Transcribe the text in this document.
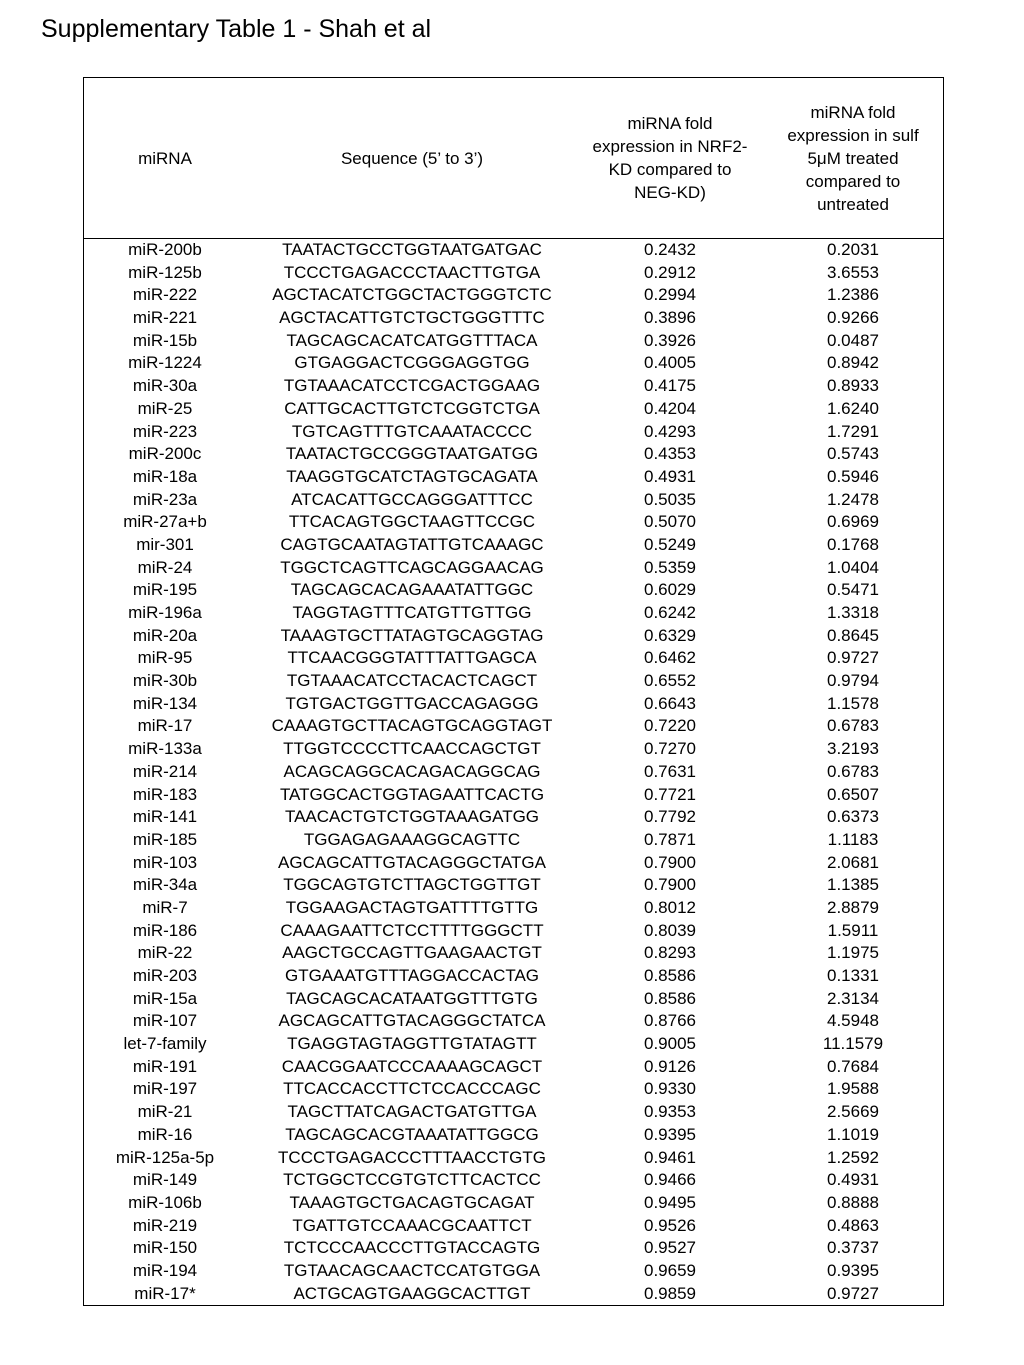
Supplementary Table 1 - Shah et al
miRNA	Sequence (5’ to 3’)
miRNA fold
expression in NRF2-
KD compared to
NEG-KD)
miRNA fold
expression in sulf
5μM treated
compared to
untreated
miR-200b	TAATACTGCCTGGTAATGATGAC	0.2432	0.2031
miR-125b	TCCCTGAGACCCTAACTTGTGA	0.2912	3.6553
miR-222	AGCTACATCTGGCTACTGGGTCTC	0.2994	1.2386
miR-221	AGCTACATTGTCTGCTGGGTTTC	0.3896	0.9266
miR-15b	TAGCAGCACATCATGGTTTACA	0.3926	0.0487
miR-1224	GTGAGGACTCGGGAGGTGG	0.4005	0.8942
miR-30a	TGTAAACATCCTCGACTGGAAG	0.4175	0.8933
miR-25	CATTGCACTTGTCTCGGTCTGA	0.4204	1.6240
miR-223	TGTCAGTTTGTCAAATACCCC	0.4293	1.7291
miR-200c	TAATACTGCCGGGTAATGATGG	0.4353	0.5743
miR-18a	TAAGGTGCATCTAGTGCAGATA	0.4931	0.5946
miR-23a	ATCACATTGCCAGGGATTTCC	0.5035	1.2478
miR-27a+b	TTCACAGTGGCTAAGTTCCGC	0.5070	0.6969
mir-301	CAGTGCAATAGTATTGTCAAAGC	0.5249	0.1768
miR-24	TGGCTCAGTTCAGCAGGAACAG	0.5359	1.0404
miR-195	TAGCAGCACAGAAATATTGGC	0.6029	0.5471
miR-196a	TAGGTAGTTTCATGTTGTTGG	0.6242	1.3318
miR-20a	TAAAGTGCTTATAGTGCAGGTAG	0.6329	0.8645
miR-95	TTCAACGGGTATTTATTGAGCA	0.6462	0.9727
miR-30b	TGTAAACATCCTACACTCAGCT	0.6552	0.9794
miR-134	TGTGACTGGTTGACCAGAGGG	0.6643	1.1578
miR-17	CAAAGTGCTTACAGTGCAGGTAGT	0.7220	0.6783
miR-133a	TTGGTCCCCTTCAACCAGCTGT	0.7270	3.2193
miR-214	ACAGCAGGCACAGACAGGCAG	0.7631	0.6783
miR-183	TATGGCACTGGTAGAATTCACTG	0.7721	0.6507
miR-141	TAACACTGTCTGGTAAAGATGG	0.7792	0.6373
miR-185	TGGAGAGAAAGGCAGTTC	0.7871	1.1183
miR-103	AGCAGCATTGTACAGGGCTATGA	0.7900	2.0681
miR-34a	TGGCAGTGTCTTAGCTGGTTGT	0.7900	1.1385
miR-7	TGGAAGACTAGTGATTTTGTTG	0.8012	2.8879
miR-186	CAAAGAATTCTCCTTTTGGGCTT	0.8039	1.5911
miR-22	AAGCTGCCAGTTGAAGAACTGT	0.8293	1.1975
miR-203	GTGAAATGTTTAGGACCACTAG	0.8586	0.1331
miR-15a	TAGCAGCACATAATGGTTTGTG	0.8586	2.3134
miR-107	AGCAGCATTGTACAGGGCTATCA	0.8766	4.5948
let-7-family	TGAGGTAGTAGGTTGTATAGTT	0.9005	11.1579
miR-191	CAACGGAATCCCAAAAGCAGCT	0.9126	0.7684
miR-197	TTCACCACCTTCTCCACCCAGC	0.9330	1.9588
miR-21	TAGCTTATCAGACTGATGTTGA	0.9353	2.5669
miR-16	TAGCAGCACGTAAATATTGGCG	0.9395	1.1019
miR-125a-5p	TCCCTGAGACCCTTTAACCTGTG	0.9461	1.2592
miR-149	TCTGGCTCCGTGTCTTCACTCC	0.9466	0.4931
miR-106b	TAAAGTGCTGACAGTGCAGAT	0.9495	0.8888
miR-219	TGATTGTCCAAACGCAATTCT	0.9526	0.4863
miR-150	TCTCCCAACCCTTGTACCAGTG	0.9527	0.3737
miR-194	TGTAACAGCAACTCCATGTGGA	0.9659	0.9395
miR-17*	ACTGCAGTGAAGGCACTTGT	0.9859	0.9727
